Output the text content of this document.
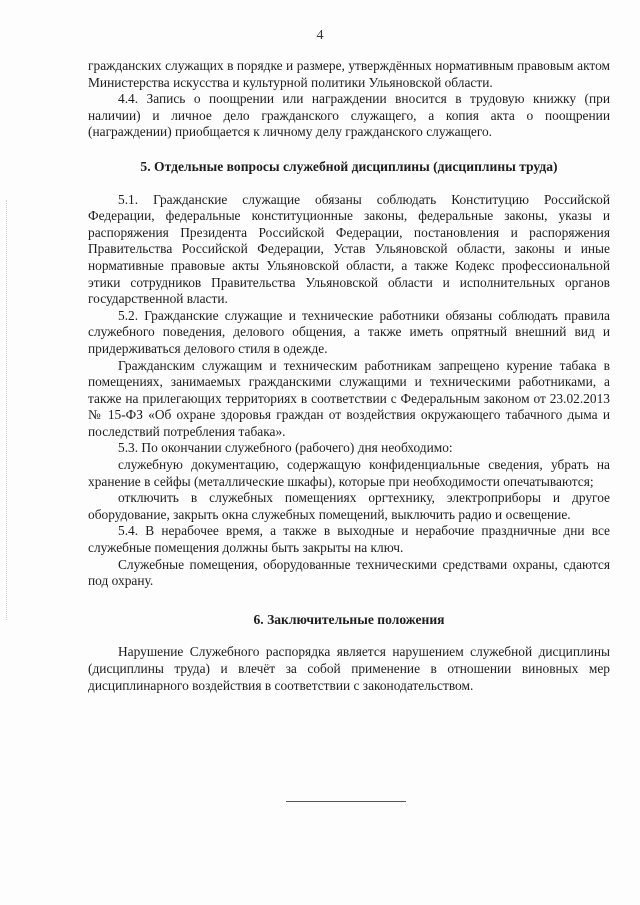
4

гражданских служащих в порядке и размере, утверждённых нормативным правовым актом Министерства искусства и культурной политики Ульяновской области.

4.4. Запись о поощрении или награждении вносится в трудовую книжку (при наличии) и личное дело гражданского служащего, а копия акта о поощрении (награждении) приобщается к личному делу гражданского служащего.

5. Отдельные вопросы служебной дисциплины (дисциплины труда)

5.1. Гражданские служащие обязаны соблюдать Конституцию Российской Федерации, федеральные конституционные законы, федеральные законы, указы и распоряжения Президента Российской Федерации, постановления и распоряжения Правительства Российской Федерации, Устав Ульяновской области, законы и иные нормативные правовые акты Ульяновской области, а также Кодекс профессиональной этики сотрудников Правительства Ульяновской области и исполнительных органов государственной власти.

5.2. Гражданские служащие и технические работники обязаны соблюдать правила служебного поведения, делового общения, а также иметь опрятный внешний вид и придерживаться делового стиля в одежде.

Гражданским служащим и техническим работникам запрещено курение табака в помещениях, занимаемых гражданскими служащими и техническими работниками, а также на прилегающих территориях в соответствии с Федеральным законом от 23.02.2013 № 15-ФЗ «Об охране здоровья граждан от воздействия окружающего табачного дыма и последствий потребления табака».

5.3. По окончании служебного (рабочего) дня необходимо:

служебную документацию, содержащую конфиденциальные сведения, убрать на хранение в сейфы (металлические шкафы), которые при необходимости опечатываются;

отключить в служебных помещениях оргтехнику, электроприборы и другое оборудование, закрыть окна служебных помещений, выключить радио и освещение.

5.4. В нерабочее время, а также в выходные и нерабочие праздничные дни все служебные помещения должны быть закрыты на ключ.

Служебные помещения, оборудованные техническими средствами охраны, сдаются под охрану.

6. Заключительные положения

Нарушение Служебного распорядка является нарушением служебной дисциплины (дисциплины труда) и влечёт за собой применение в отношении виновных мер дисциплинарного воздействия в соответствии с законодательством.
